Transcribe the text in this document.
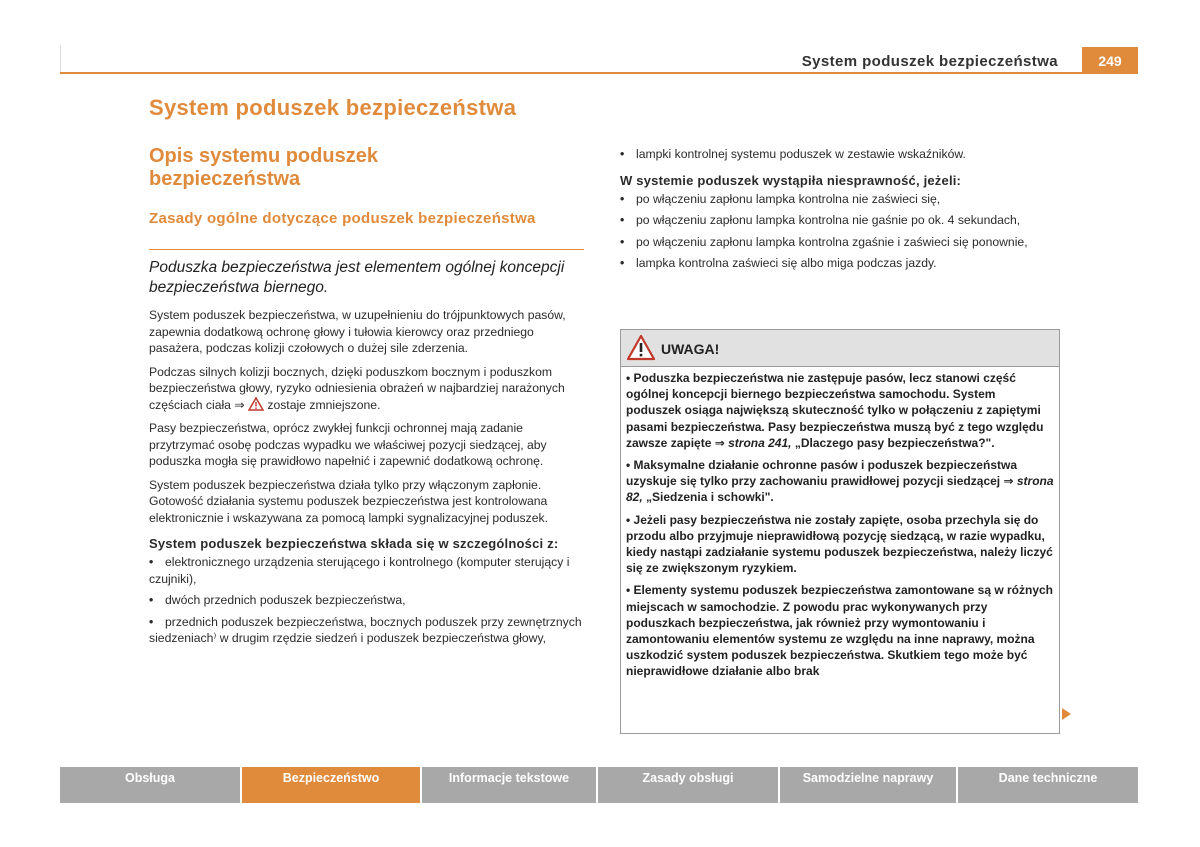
System poduszek bezpieczeństwa	249
System poduszek bezpieczeństwa
Opis systemu poduszek bezpieczeństwa
Zasady ogólne dotyczące poduszek bezpieczeństwa
Poduszka bezpieczeństwa jest elementem ogólnej koncepcji bezpieczeństwa biernego.

System poduszek bezpieczeństwa, w uzupełnieniu do trójpunktowych pasów, zapewnia dodatkową ochronę głowy i tułowia kierowcy oraz przedniego pasażera, podczas kolizji czołowych o dużej sile zderzenia.

Podczas silnych kolizji bocznych, dzięki poduszkom bocznym i poduszkom bezpieczeństwa głowy, ryzyko odniesienia obrażeń w najbardziej narażonych częściach ciała ⇒ zostaje zmniejszone.

Pasy bezpieczeństwa, oprócz zwykłej funkcji ochronnej mają zadanie przytrzymać osobę podczas wypadku we właściwej pozycji siedzącej, aby poduszka mogła się prawidłowo napełnić i zapewnić dodatkową ochronę.

System poduszek bezpieczeństwa działa tylko przy włączonym zapłonie. Gotowość działania systemu poduszek bezpieczeństwa jest kontrolowana elektronicznie i wskazywana za pomocą lampki sygnalizacyjnej poduszek.

System poduszek bezpieczeństwa składa się w szczególności z:
• elektronicznego urządzenia sterującego i kontrolnego (komputer sterujący i czujniki),
• dwóch przednich poduszek bezpieczeństwa,
• przednich poduszek bezpieczeństwa, bocznych poduszek przy zewnętrznych siedzeniach⁾ w drugim rzędzie siedzeń i poduszek bezpieczeństwa głowy,
• lampki kontrolnej systemu poduszek w zestawie wskaźników.
W systemie poduszek wystąpiła niesprawność, jeżeli:
• po włączeniu zapłonu lampka kontrolna nie zaświeci się,
• po włączeniu zapłonu lampka kontrolna nie gaśnie po ok. 4 sekundach,
• po włączeniu zapłonu lampka kontrolna zgaśnie i zaświeci się ponownie,
• lampka kontrolna zaświeci się albo miga podczas jazdy.
UWAGA!

• Poduszka bezpieczeństwa nie zastępuje pasów, lecz stanowi część ogólnej koncepcji biernego bezpieczeństwa samochodu. System poduszek osiąga największą skuteczność tylko w połączeniu z zapiętymi pasami bezpieczeństwa. Pasy bezpieczeństwa muszą być z tego względu zawsze zapięte ⇒ strona 241, „Dlaczego pasy bezpieczeństwa?".

• Maksymalne działanie ochronne pasów i poduszek bezpieczeństwa uzyskuje się tylko przy zachowaniu prawidłowej pozycji siedzącej ⇒ strona 82, „Siedzenia i schowki".

• Jeżeli pasy bezpieczeństwa nie zostały zapięte, osoba przechyla się do przodu albo przyjmuje nieprawidłową pozycję siedzącą, w razie wypadku, kiedy nastąpi zadziałanie systemu poduszek bezpieczeństwa, należy liczyć się ze zwiększonym ryzykiem.

• Elementy systemu poduszek bezpieczeństwa zamontowane są w różnych miejscach w samochodzie. Z powodu prac wykonywanych przy poduszkach bezpieczeństwa, jak również przy wymontowaniu i zamontowaniu elementów systemu ze względu na inne naprawy, można uszkodzić system poduszek bezpieczeństwa. Skutkiem tego może być nieprawidłowe działanie albo brak

Obsługa	Bezpieczeństwo	Informacje tekstowe	Zasady obsługi	Samodzielne naprawy	Dane techniczne
